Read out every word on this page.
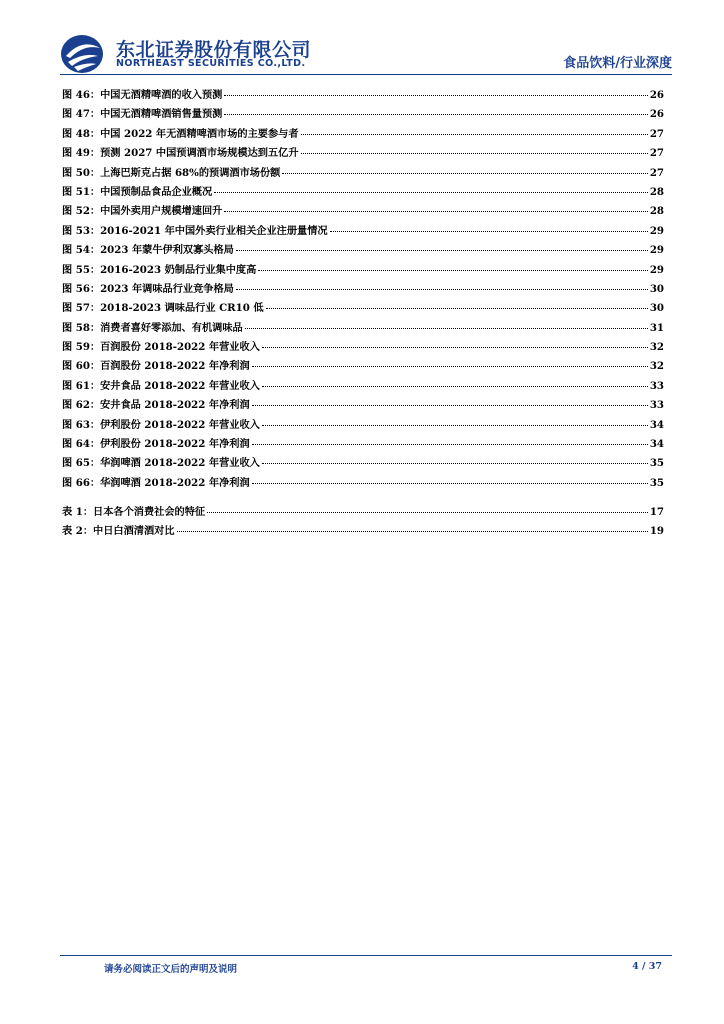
东北证券股份有限公司
NORTHEAST SECURITIES CO.,LTD.	食品饮料/行业深度
图 46：中国无酒精啤酒的收入预测	26
图 47：中国无酒精啤酒销售量预测	26
图 48：中国 2022 年无酒精啤酒市场的主要参与者	27
图 49：预测 2027 中国预调酒市场规模达到五亿升	27
图 50：上海巴斯克占据 68%的预调酒市场份额	27
图 51：中国预制品食品企业概况	28
图 52：中国外卖用户规模增速回升	28
图 53：2016-2021 年中国外卖行业相关企业注册量情况	29
图 54：2023 年蒙牛伊利双寡头格局	29
图 55：2016-2023 奶制品行业集中度高	29
图 56：2023 年调味品行业竞争格局	30
图 57：2018-2023 调味品行业 CR10 低	30
图 58：消费者喜好零添加、有机调味品	31
图 59：百润股份 2018-2022 年营业收入	32
图 60：百润股份 2018-2022 年净利润	32
图 61：安井食品 2018-2022 年营业收入	33
图 62：安井食品 2018-2022 年净利润	33
图 63：伊利股份 2018-2022 年营业收入	34
图 64：伊利股份 2018-2022 年净利润	34
图 65：华润啤酒 2018-2022 年营业收入	35
图 66：华润啤酒 2018-2022 年净利润	35
表 1：日本各个消费社会的特征	17
表 2：中日白酒清酒对比	19
请务必阅读正文后的声明及说明	4 / 37
